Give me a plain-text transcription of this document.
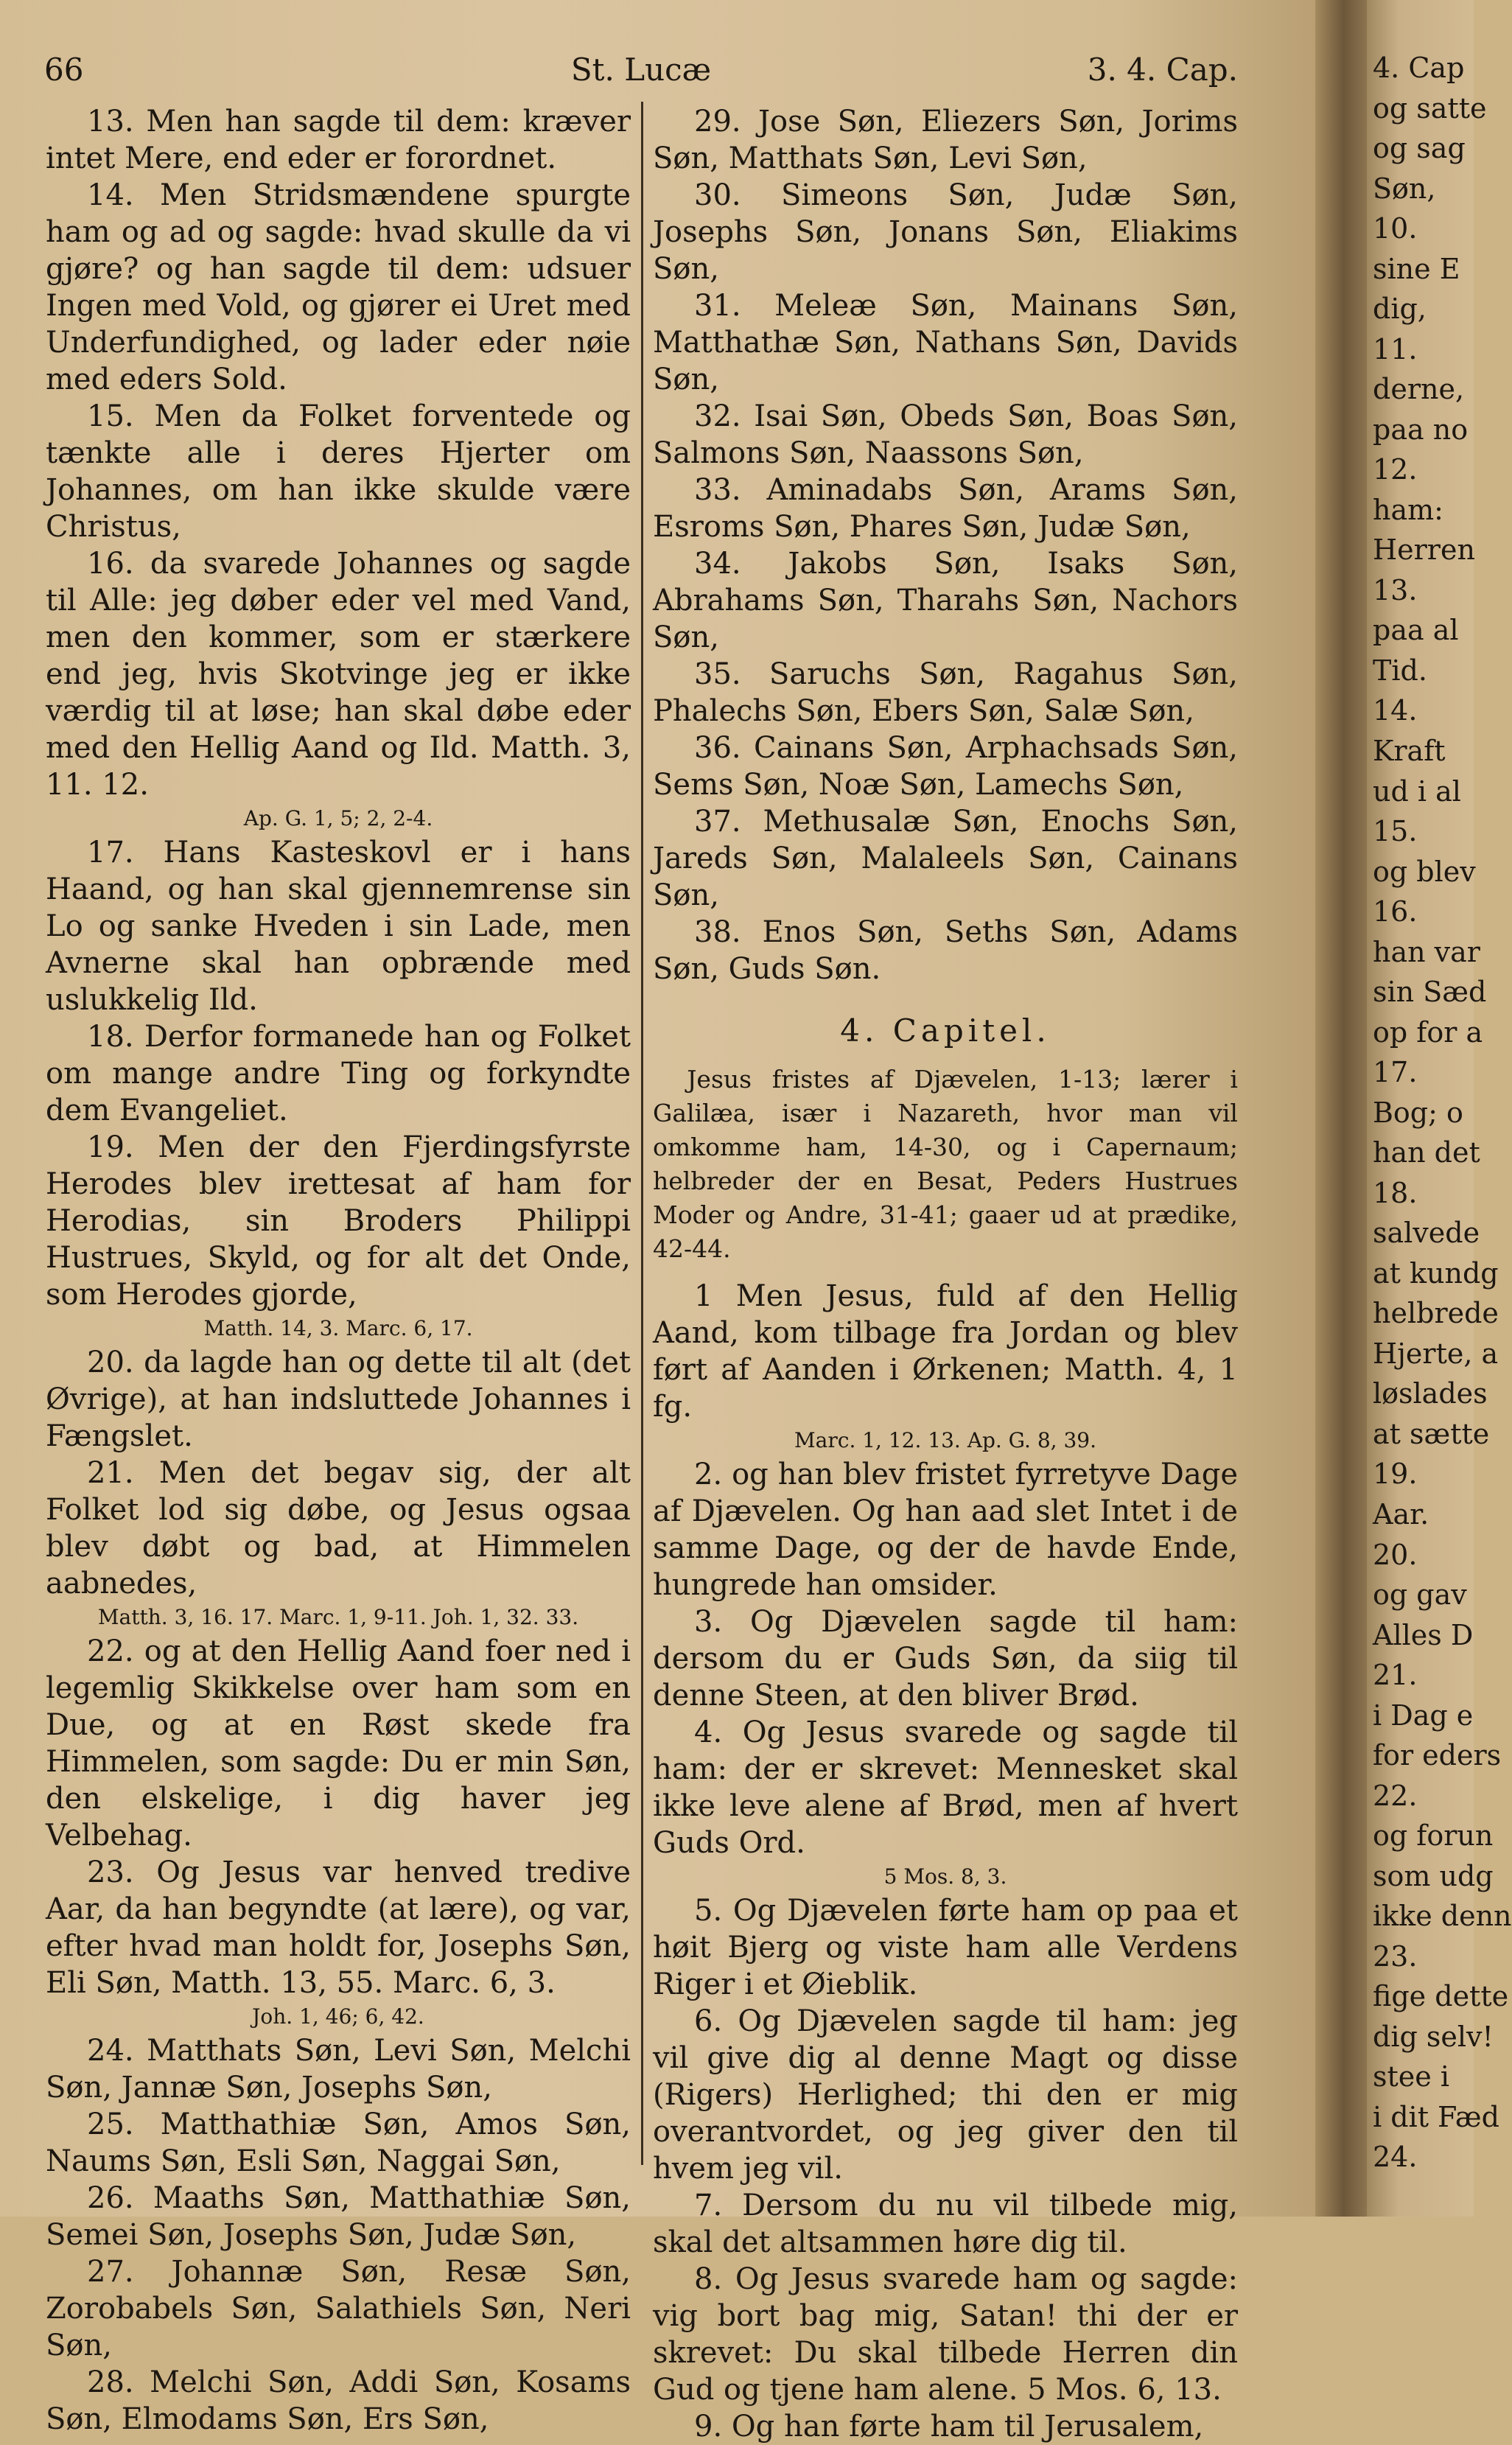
66	St. Lucæ	3. 4. Cap.

13. Men han sagde til dem: kræver intet Mere, end eder er forordnet.

14. Men Stridsmændene spurgte ham og ad og sagde: hvad skulle da vi gjøre? og han sagde til dem: udsuer Ingen med Vold, og gjører ei Uret med Underfundighed, og lader eder nøie med eders Sold.

15. Men da Folket forventede og tænkte alle i deres Hjerter om Johannes, om han ikke skulde være Christus,

16. da svarede Johannes og sagde til Alle: jeg døber eder vel med Vand, men den kommer, som er stærkere end jeg, hvis Skotvinge jeg er ikke værdig til at løse; han skal døbe eder med den Hellig Aand og Ild. Matth. 3, 11. 12.

Ap. G. 1, 5; 2, 2-4.

17. Hans Kasteskovl er i hans Haand, og han skal gjennemrense sin Lo og sanke Hveden i sin Lade, men Avnerne skal han opbrænde med uslukkelig Ild.

18. Derfor formanede han og Folket om mange andre Ting og forkyndte dem Evangeliet.

19. Men der den Fjerdingsfyrste Herodes blev irettesat af ham for Herodias, sin Broders Philippi Hustrues, Skyld, og for alt det Onde, som Herodes gjorde,

Matth. 14, 3. Marc. 6, 17.

20. da lagde han og dette til alt (det Øvrige), at han indsluttede Johannes i Fængslet.

21. Men det begav sig, der alt Folket lod sig døbe, og Jesus ogsaa blev døbt og bad, at Himmelen aabnedes,

Matth. 3, 16. 17. Marc. 1, 9-11. Joh. 1, 32. 33.

22. og at den Hellig Aand foer ned i legemlig Skikkelse over ham som en Due, og at en Røst skede fra Himmelen, som sagde: Du er min Søn, den elskelige, i dig haver jeg Velbehag.

23. Og Jesus var henved tredive Aar, da han begyndte (at lære), og var, efter hvad man holdt for, Josephs Søn, Eli Søn, Matth. 13, 55. Marc. 6, 3.

Joh. 1, 46; 6, 42.

24. Matthats Søn, Levi Søn, Melchi Søn, Jannæ Søn, Josephs Søn,

25. Matthathiæ Søn, Amos Søn, Naums Søn, Esli Søn, Naggai Søn,

26. Maaths Søn, Matthathiæ Søn, Semei Søn, Josephs Søn, Judæ Søn,

27. Johannæ Søn, Resæ Søn, Zorobabels Søn, Salathiels Søn, Neri Søn,

28. Melchi Søn, Addi Søn, Kosams Søn, Elmodams Søn, Ers Søn,

29. Jose Søn, Eliezers Søn, Jorims Søn, Matthats Søn, Levi Søn,

30. Simeons Søn, Judæ Søn, Josephs Søn, Jonans Søn, Eliakims Søn,

31. Meleæ Søn, Mainans Søn, Matthathæ Søn, Nathans Søn, Davids Søn,

32. Isai Søn, Obeds Søn, Boas Søn, Salmons Søn, Naassons Søn,

33. Aminadabs Søn, Arams Søn, Esroms Søn, Phares Søn, Judæ Søn,

34. Jakobs Søn, Isaks Søn, Abrahams Søn, Tharahs Søn, Nachors Søn,

35. Saruchs Søn, Ragahus Søn, Phalechs Søn, Ebers Søn, Salæ Søn,

36. Cainans Søn, Arphachsads Søn, Sems Søn, Noæ Søn, Lamechs Søn,

37. Methusalæ Søn, Enochs Søn, Jareds Søn, Malaleels Søn, Cainans Søn,

38. Enos Søn, Seths Søn, Adams Søn, Guds Søn.

4. Capitel.

Jesus fristes af Djævelen, 1-13; lærer i Galilæa, især i Nazareth, hvor man vil omkomme ham, 14-30, og i Capernaum; helbreder der en Besat, Peders Hustrues Moder og Andre, 31-41; gaaer ud at prædike, 42-44.

1 Men Jesus, fuld af den Hellig Aand, kom tilbage fra Jordan og blev ført af Aanden i Ørkenen; Matth. 4, 1 fg.

Marc. 1, 12. 13. Ap. G. 8, 39.

2. og han blev fristet fyrretyve Dage af Djævelen. Og han aad slet Intet i de samme Dage, og der de havde Ende, hungrede han omsider.

3. Og Djævelen sagde til ham: dersom du er Guds Søn, da siig til denne Steen, at den bliver Brød.

4. Og Jesus svarede og sagde til ham: der er skrevet: Mennesket skal ikke leve alene af Brød, men af hvert Guds Ord.

5 Mos. 8, 3.

5. Og Djævelen førte ham op paa et høit Bjerg og viste ham alle Verdens Riger i et Øieblik.

6. Og Djævelen sagde til ham: jeg vil give dig al denne Magt og disse (Rigers) Herlighed; thi den er mig overantvordet, og jeg giver den til hvem jeg vil.

7. Dersom du nu vil tilbede mig, skal det altsammen høre dig til.

8. Og Jesus svarede ham og sagde: vig bort bag mig, Satan! thi der er skrevet: Du skal tilbede Herren din Gud og tjene ham alene. 5 Mos. 6, 13.

9. Og han førte ham til Jerusalem,

4. Cap
og satte
og sag
Søn,
10.
sine E
dig,
11.
derne,
paa no
12.
ham:
Herren
13.
paa al
Tid.
14.
Kraft
ud i al
15.
og blev
16.
han var
sin Sæd
op for a
17.
Bog; o
han det
18.
salvede
at kundg
helbrede
Hjerte, a
løslades
at sætte
19.
Aar.
20.
og gav
Alles D
21.
i Dag e
for eders
22.
og forun
som udg
ikke denn
23.
fige dette
dig selv!
stee i
i dit Fæd
24.
